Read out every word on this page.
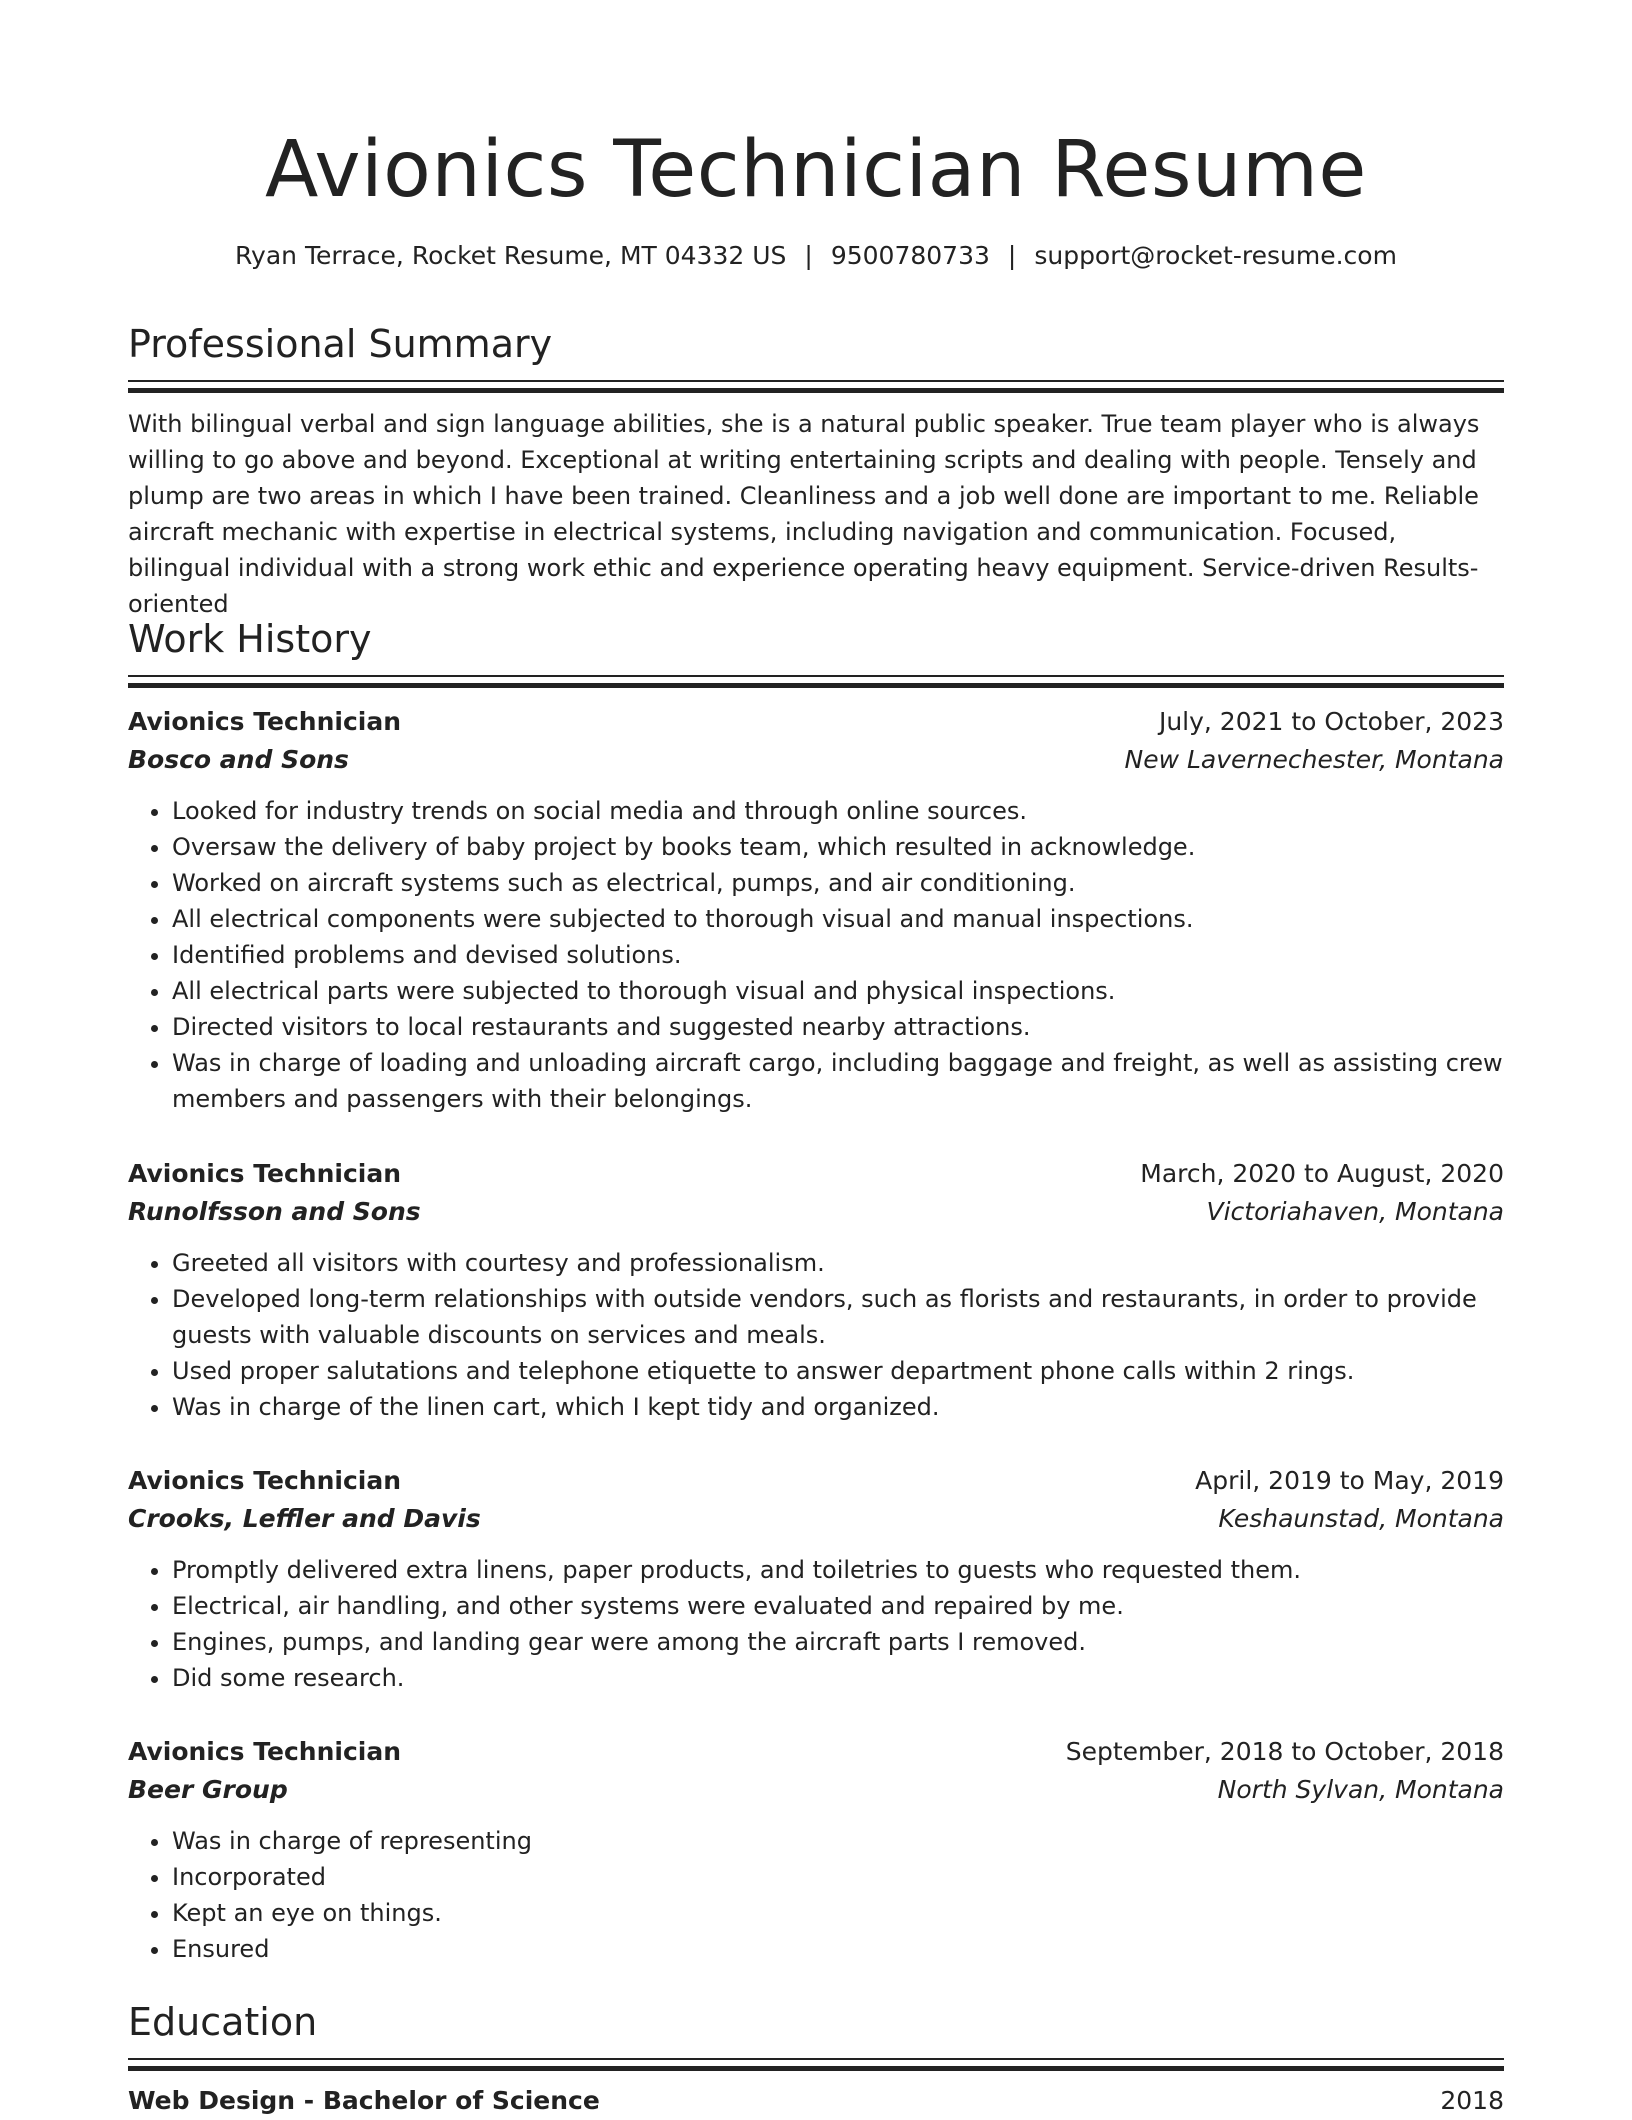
Avionics Technician Resume
Ryan Terrace, Rocket Resume, MT 04332 US | 9500780733 | support@rocket-resume.com
Professional Summary

With bilingual verbal and sign language abilities, she is a natural public speaker. True team player who is always willing to go above and beyond. Exceptional at writing entertaining scripts and dealing with people. Tensely and plump are two areas in which I have been trained. Cleanliness and a job well done are important to me. Reliable aircraft mechanic with expertise in electrical systems, including navigation and communication. Focused, bilingual individual with a strong work ethic and experience operating heavy equipment. Service-driven Results-oriented

Work History
Avionics Technician	July, 2021 to October, 2023
Bosco and Sons	New Lavernechester, Montana
• Looked for industry trends on social media and through online sources.
• Oversaw the delivery of baby project by books team, which resulted in acknowledge.
• Worked on aircraft systems such as electrical, pumps, and air conditioning.
• All electrical components were subjected to thorough visual and manual inspections.
• Identified problems and devised solutions.
• All electrical parts were subjected to thorough visual and physical inspections.
• Directed visitors to local restaurants and suggested nearby attractions.
• Was in charge of loading and unloading aircraft cargo, including baggage and freight, as well as assisting crew members and passengers with their belongings.
Avionics Technician	March, 2020 to August, 2020
Runolfsson and Sons	Victoriahaven, Montana
• Greeted all visitors with courtesy and professionalism.
• Developed long-term relationships with outside vendors, such as florists and restaurants, in order to provide guests with valuable discounts on services and meals.
• Used proper salutations and telephone etiquette to answer department phone calls within 2 rings.
• Was in charge of the linen cart, which I kept tidy and organized.
Avionics Technician	April, 2019 to May, 2019
Crooks, Leffler and Davis	Keshaunstad, Montana
• Promptly delivered extra linens, paper products, and toiletries to guests who requested them.
• Electrical, air handling, and other systems were evaluated and repaired by me.
• Engines, pumps, and landing gear were among the aircraft parts I removed.
• Did some research.
Avionics Technician	September, 2018 to October, 2018
Beer Group	North Sylvan, Montana
• Was in charge of representing
• Incorporated
• Kept an eye on things.
• Ensured
Education
Web Design - Bachelor of Science	2018
